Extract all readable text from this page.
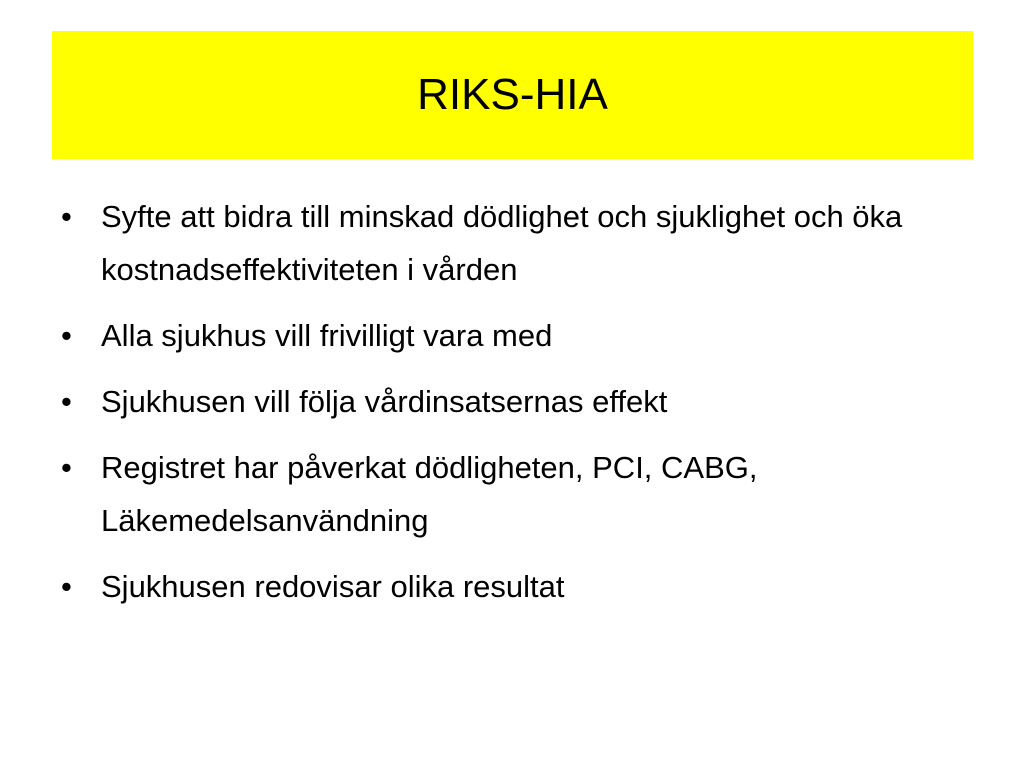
RIKS-HIA
• Syfte att bidra till minskad dödlighet och sjuklighet och öka kostnadseffektiviteten i vården
• Alla sjukhus vill frivilligt vara med
• Sjukhusen vill följa vårdinsatsernas effekt
• Registret har påverkat dödligheten, PCI, CABG, Läkemedelsanvändning
• Sjukhusen redovisar olika resultat
